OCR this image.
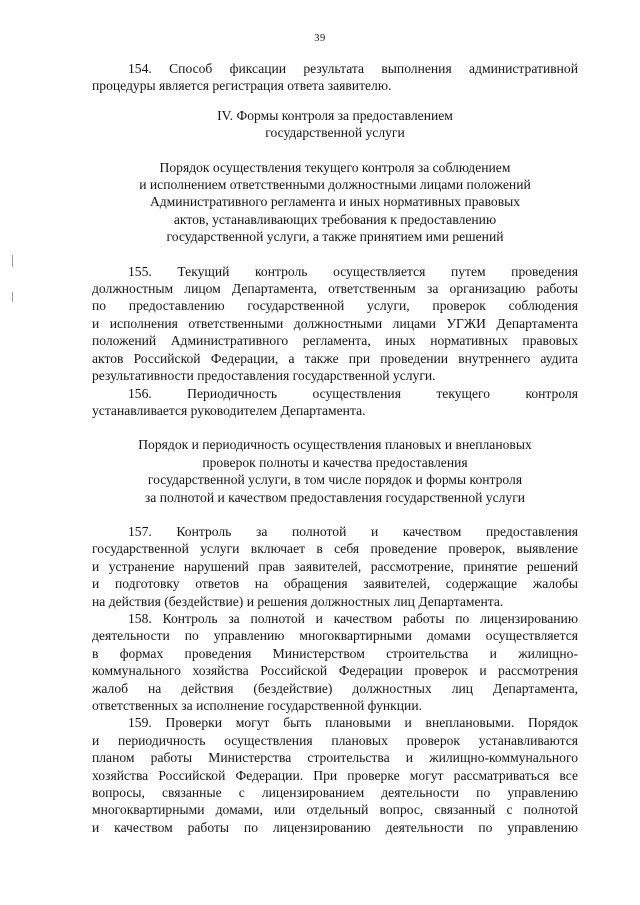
39

154. Способ фиксации результата выполнения административной
процедуры является регистрация ответа заявителю.

IV. Формы контроля за предоставлением
государственной услуги

Порядок осуществления текущего контроля за соблюдением
и исполнением ответственными должностными лицами положений
Административного регламента и иных нормативных правовых
актов, устанавливающих требования к предоставлению
государственной услуги, а также принятием ими решений

155. Текущий контроль осуществляется путем проведения
должностным лицом Департамента, ответственным за организацию работы
по предоставлению государственной услуги, проверок соблюдения
и исполнения ответственными должностными лицами УГЖИ Департамента
положений Административного регламента, иных нормативных правовых
актов Российской Федерации, а также при проведении внутреннего аудита
результативности предоставления государственной услуги.

156. Периодичность осуществления текущего контроля
устанавливается руководителем Департамента.

Порядок и периодичность осуществления плановых и внеплановых
проверок полноты и качества предоставления
государственной услуги, в том числе порядок и формы контроля
за полнотой и качеством предоставления государственной услуги

157. Контроль за полнотой и качеством предоставления
государственной услуги включает в себя проведение проверок, выявление
и устранение нарушений прав заявителей, рассмотрение, принятие решений
и подготовку ответов на обращения заявителей, содержащие жалобы
на действия (бездействие) и решения должностных лиц Департамента.

158. Контроль за полнотой и качеством работы по лицензированию
деятельности по управлению многоквартирными домами осуществляется
в формах проведения Министерством строительства и жилищно-
коммунального хозяйства Российской Федерации проверок и рассмотрения
жалоб на действия (бездействие) должностных лиц Департамента,
ответственных за исполнение государственной функции.

159. Проверки могут быть плановыми и внеплановыми. Порядок
и периодичность осуществления плановых проверок устанавливаются
планом работы Министерства строительства и жилищно-коммунального
хозяйства Российской Федерации. При проверке могут рассматриваться все
вопросы, связанные с лицензированием деятельности по управлению
многоквартирными домами, или отдельный вопрос, связанный с полнотой
и качеством работы по лицензированию деятельности по управлению
